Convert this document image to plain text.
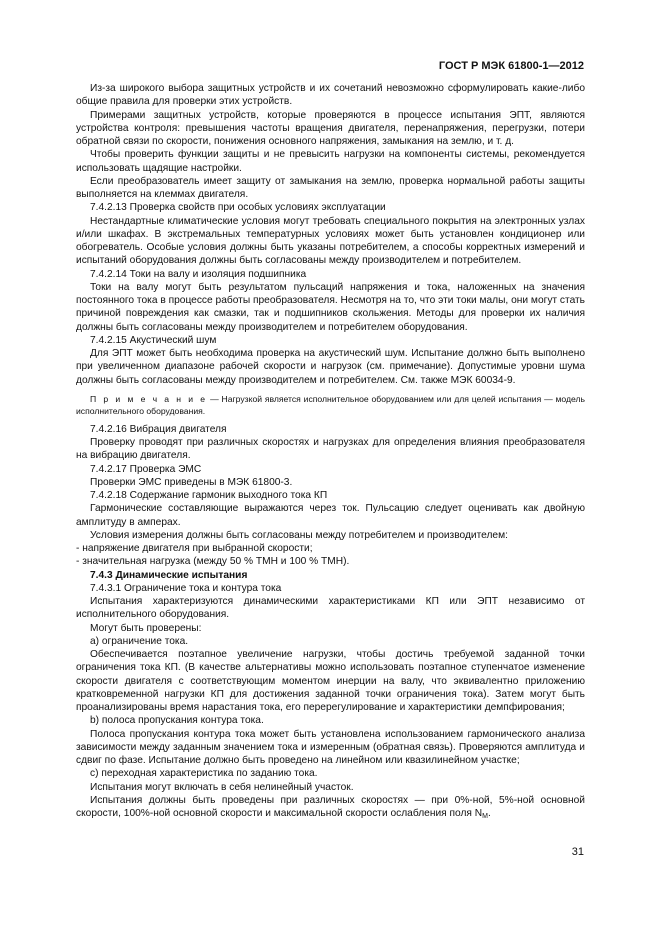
ГОСТ Р МЭК 61800-1—2012

Из-за широкого выбора защитных устройств и их сочетаний невозможно сформулировать какие-либо общие правила для проверки этих устройств.

Примерами защитных устройств, которые проверяются в процессе испытания ЭПТ, являются устройства контроля: превышения частоты вращения двигателя, перенапряжения, перегрузки, потери обратной связи по скорости, понижения основного напряжения, замыкания на землю, и т. д.

Чтобы проверить функции защиты и не превысить нагрузки на компоненты системы, рекомендуется использовать щадящие настройки.

Если преобразователь имеет защиту от замыкания на землю, проверка нормальной работы защиты выполняется на клеммах двигателя.

7.4.2.13 Проверка свойств при особых условиях эксплуатации

Нестандартные климатические условия могут требовать специального покрытия на электронных узлах и/или шкафах. В экстремальных температурных условиях может быть установлен кондиционер или обогреватель. Особые условия должны быть указаны потребителем, а способы корректных измерений и испытаний оборудования должны быть согласованы между производителем и потребителем.

7.4.2.14 Токи на валу и изоляция подшипника

Токи на валу могут быть результатом пульсаций напряжения и тока, наложенных на значения постоянного тока в процессе работы преобразователя. Несмотря на то, что эти токи малы, они могут стать причиной повреждения как смазки, так и подшипников скольжения. Методы для проверки их наличия должны быть согласованы между производителем и потребителем оборудования.

7.4.2.15 Акустический шум

Для ЭПТ может быть необходима проверка на акустический шум. Испытание должно быть выполнено при увеличенном диапазоне рабочей скорости и нагрузок (см. примечание). Допустимые уровни шума должны быть согласованы между производителем и потребителем. См. также МЭК 60034-9.

П р и м е ч а н и е — Нагрузкой является исполнительное оборудованием или для целей испытания — модель исполнительного оборудования.

7.4.2.16 Вибрация двигателя

Проверку проводят при различных скоростях и нагрузках для определения влияния преобразователя на вибрацию двигателя.

7.4.2.17 Проверка ЭМС

Проверки ЭМС приведены в МЭК 61800-3.

7.4.2.18 Содержание гармоник выходного тока КП

Гармонические составляющие выражаются через ток. Пульсацию следует оценивать как двойную амплитуду в амперах.

Условия измерения должны быть согласованы между потребителем и производителем:

- напряжение двигателя при выбранной скорости;

- значительная нагрузка (между 50 % ТМН и 100 % ТМН).

7.4.3 Динамические испытания

7.4.3.1 Ограничение тока и контура тока

Испытания характеризуются динамическими характеристиками КП или ЭПТ независимо от исполнительного оборудования.

Могут быть проверены:

а) ограничение тока.

Обеспечивается поэтапное увеличение нагрузки, чтобы достичь требуемой заданной точки ограничения тока КП. (В качестве альтернативы можно использовать поэтапное ступенчатое изменение скорости двигателя с соответствующим моментом инерции на валу, что эквивалентно приложению кратковременной нагрузки КП для достижения заданной точки ограничения тока). Затем могут быть проанализированы время нарастания тока, его перерегулирование и характеристики демпфирования;

b) полоса пропускания контура тока.

Полоса пропускания контура тока может быть установлена использованием гармонического анализа зависимости между заданным значением тока и измеренным (обратная связь). Проверяются амплитуда и сдвиг по фазе. Испытание должно быть проведено на линейном или квазилинейном участке;

с) переходная характеристика по заданию тока.

Испытания могут включать в себя нелинейный участок.

Испытания должны быть проведены при различных скоростях — при 0%-ной, 5%-ной основной скорости, 100%-ной основной скорости и максимальной скорости ослабления поля $N_M$.

31
